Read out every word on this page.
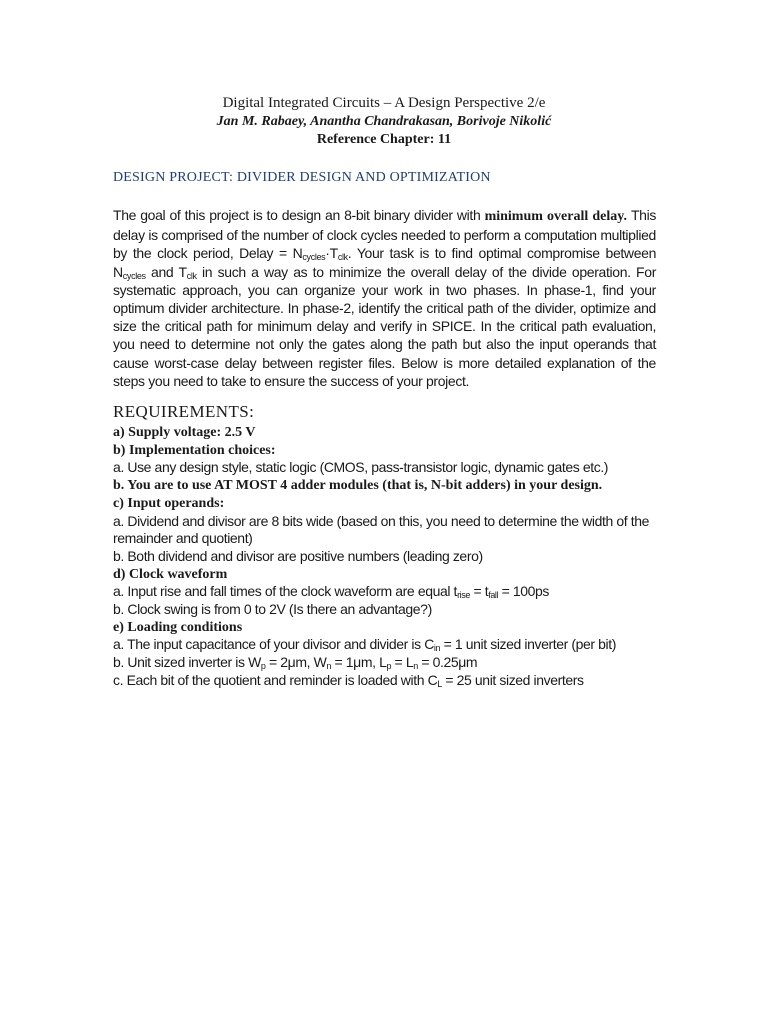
Digital Integrated Circuits – A Design Perspective 2/e
Jan M. Rabaey, Anantha Chandrakasan, Borivoje Nikolić
Reference Chapter: 11
DESIGN PROJECT: DIVIDER DESIGN AND OPTIMIZATION
The goal of this project is to design an 8-bit binary divider with minimum overall delay. This delay is comprised of the number of clock cycles needed to perform a computation multiplied by the clock period, Delay = $N_{cycles}\cdot T_{clk}$. Your task is to find optimal compromise between $N_{cycles}$ and $T_{clk}$ in such a way as to minimize the overall delay of the divide operation. For systematic approach, you can organize your work in two phases. In phase-1, find your optimum divider architecture. In phase-2, identify the critical path of the divider, optimize and size the critical path for minimum delay and verify in SPICE. In the critical path evaluation, you need to determine not only the gates along the path but also the input operands that cause worst-case delay between register files. Below is more detailed explanation of the steps you need to take to ensure the success of your project.
REQUIREMENTS:
a) Supply voltage: 2.5 V
b) Implementation choices:
a. Use any design style, static logic (CMOS, pass-transistor logic, dynamic gates etc.)
b. You are to use AT MOST 4 adder modules (that is, N-bit adders) in your design.
c) Input operands:
a. Dividend and divisor are 8 bits wide (based on this, you need to determine the width of the remainder and quotient)
b. Both dividend and divisor are positive numbers (leading zero)
d) Clock waveform
a. Input rise and fall times of the clock waveform are equal $t_{rise} = t_{fall} = 100ps$
b. Clock swing is from 0 to 2V (Is there an advantage?)
e) Loading conditions
a. The input capacitance of your divisor and divider is $C_{in} = 1$ unit sized inverter (per bit)
b. Unit sized inverter is $W_p = 2\mu m$, $W_n = 1\mu m$, $L_p = L_n = 0.25\mu m$
c. Each bit of the quotient and reminder is loaded with $C_L = 25$ unit sized inverters
